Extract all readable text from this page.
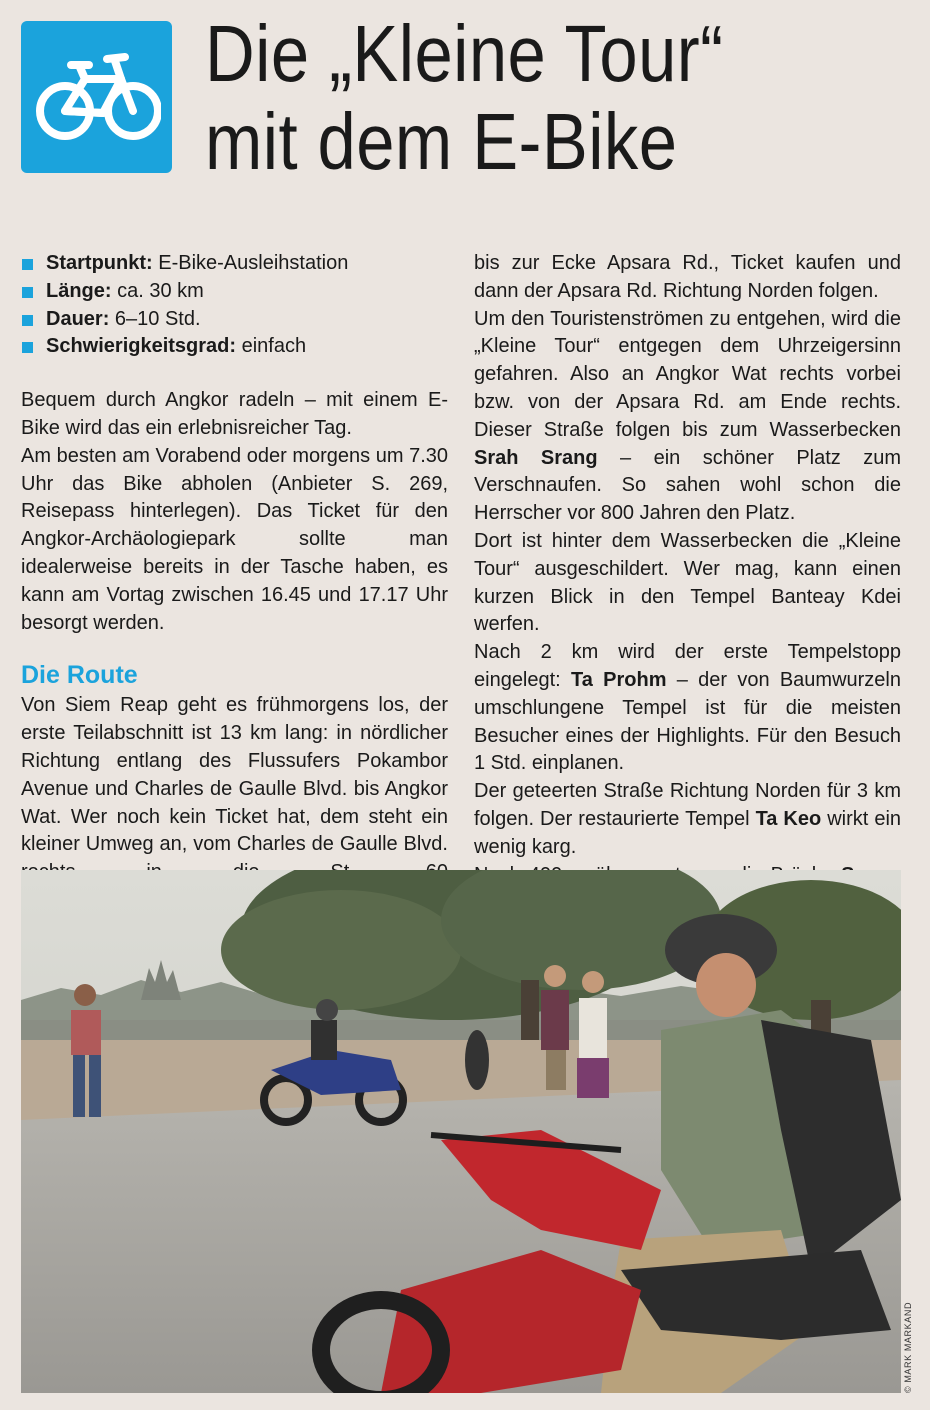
Die „Kleine Tour“
mit dem E-Bike
Startpunkt: E-Bike-Ausleihstation
Länge: ca. 30 km
Dauer: 6–10 Std.
Schwierigkeitsgrad: einfach

Bequem durch Angkor radeln – mit einem E-Bike wird das ein erlebnisreicher Tag.

Am besten am Vorabend oder morgens um 7.30 Uhr das Bike abholen (Anbieter S. 269, Reisepass hinterlegen). Das Ticket für den Angkor-Archäologiepark sollte man idealerweise bereits in der Tasche haben, es kann am Vortag zwischen 16.45 und 17.17 Uhr besorgt werden.

Die Route

Von Siem Reap geht es frühmorgens los, der erste Teilabschnitt ist 13 km lang: in nördlicher Richtung entlang des Flussufers Pokambor Avenue und Charles de Gaulle Blvd. bis Angkor Wat. Wer noch kein Ticket hat, dem steht ein kleiner Umweg an, vom Charles de Gaulle Blvd.

bis zur Ecke Apsara Rd., Ticket kaufen und dann der Apsara Rd. Richtung Norden folgen.

Um den Touristenströmen zu entgehen, wird die „Kleine Tour“ entgegen dem Uhrzeigersinn gefahren. Also an Angkor Wat rechts vorbei bzw. von der Apsara Rd. am Ende rechts. Dieser Straße folgen bis zum Wasserbecken Srah Srang – ein schöner Platz zum Verschnaufen. So sahen wohl schon die Herrscher vor 800 Jahren den Platz.

Dort ist hinter dem Wasserbecken die „Kleine Tour“ ausgeschildert. Wer mag, kann einen kurzen Blick in den Tempel Banteay Kdei werfen.

Nach 2 km wird der erste Tempelstopp eingelegt: Ta Prohm – der von Baumwurzeln umschlungene Tempel ist für die meisten Besucher eines der Highlights. Für den Besuch 1 Std. einplanen.

Der geteerten Straße Richtung Norden für 3 km folgen. Der restaurierte Tempel Ta Keo wirkt ein wenig karg.

© MARK MARKAND
